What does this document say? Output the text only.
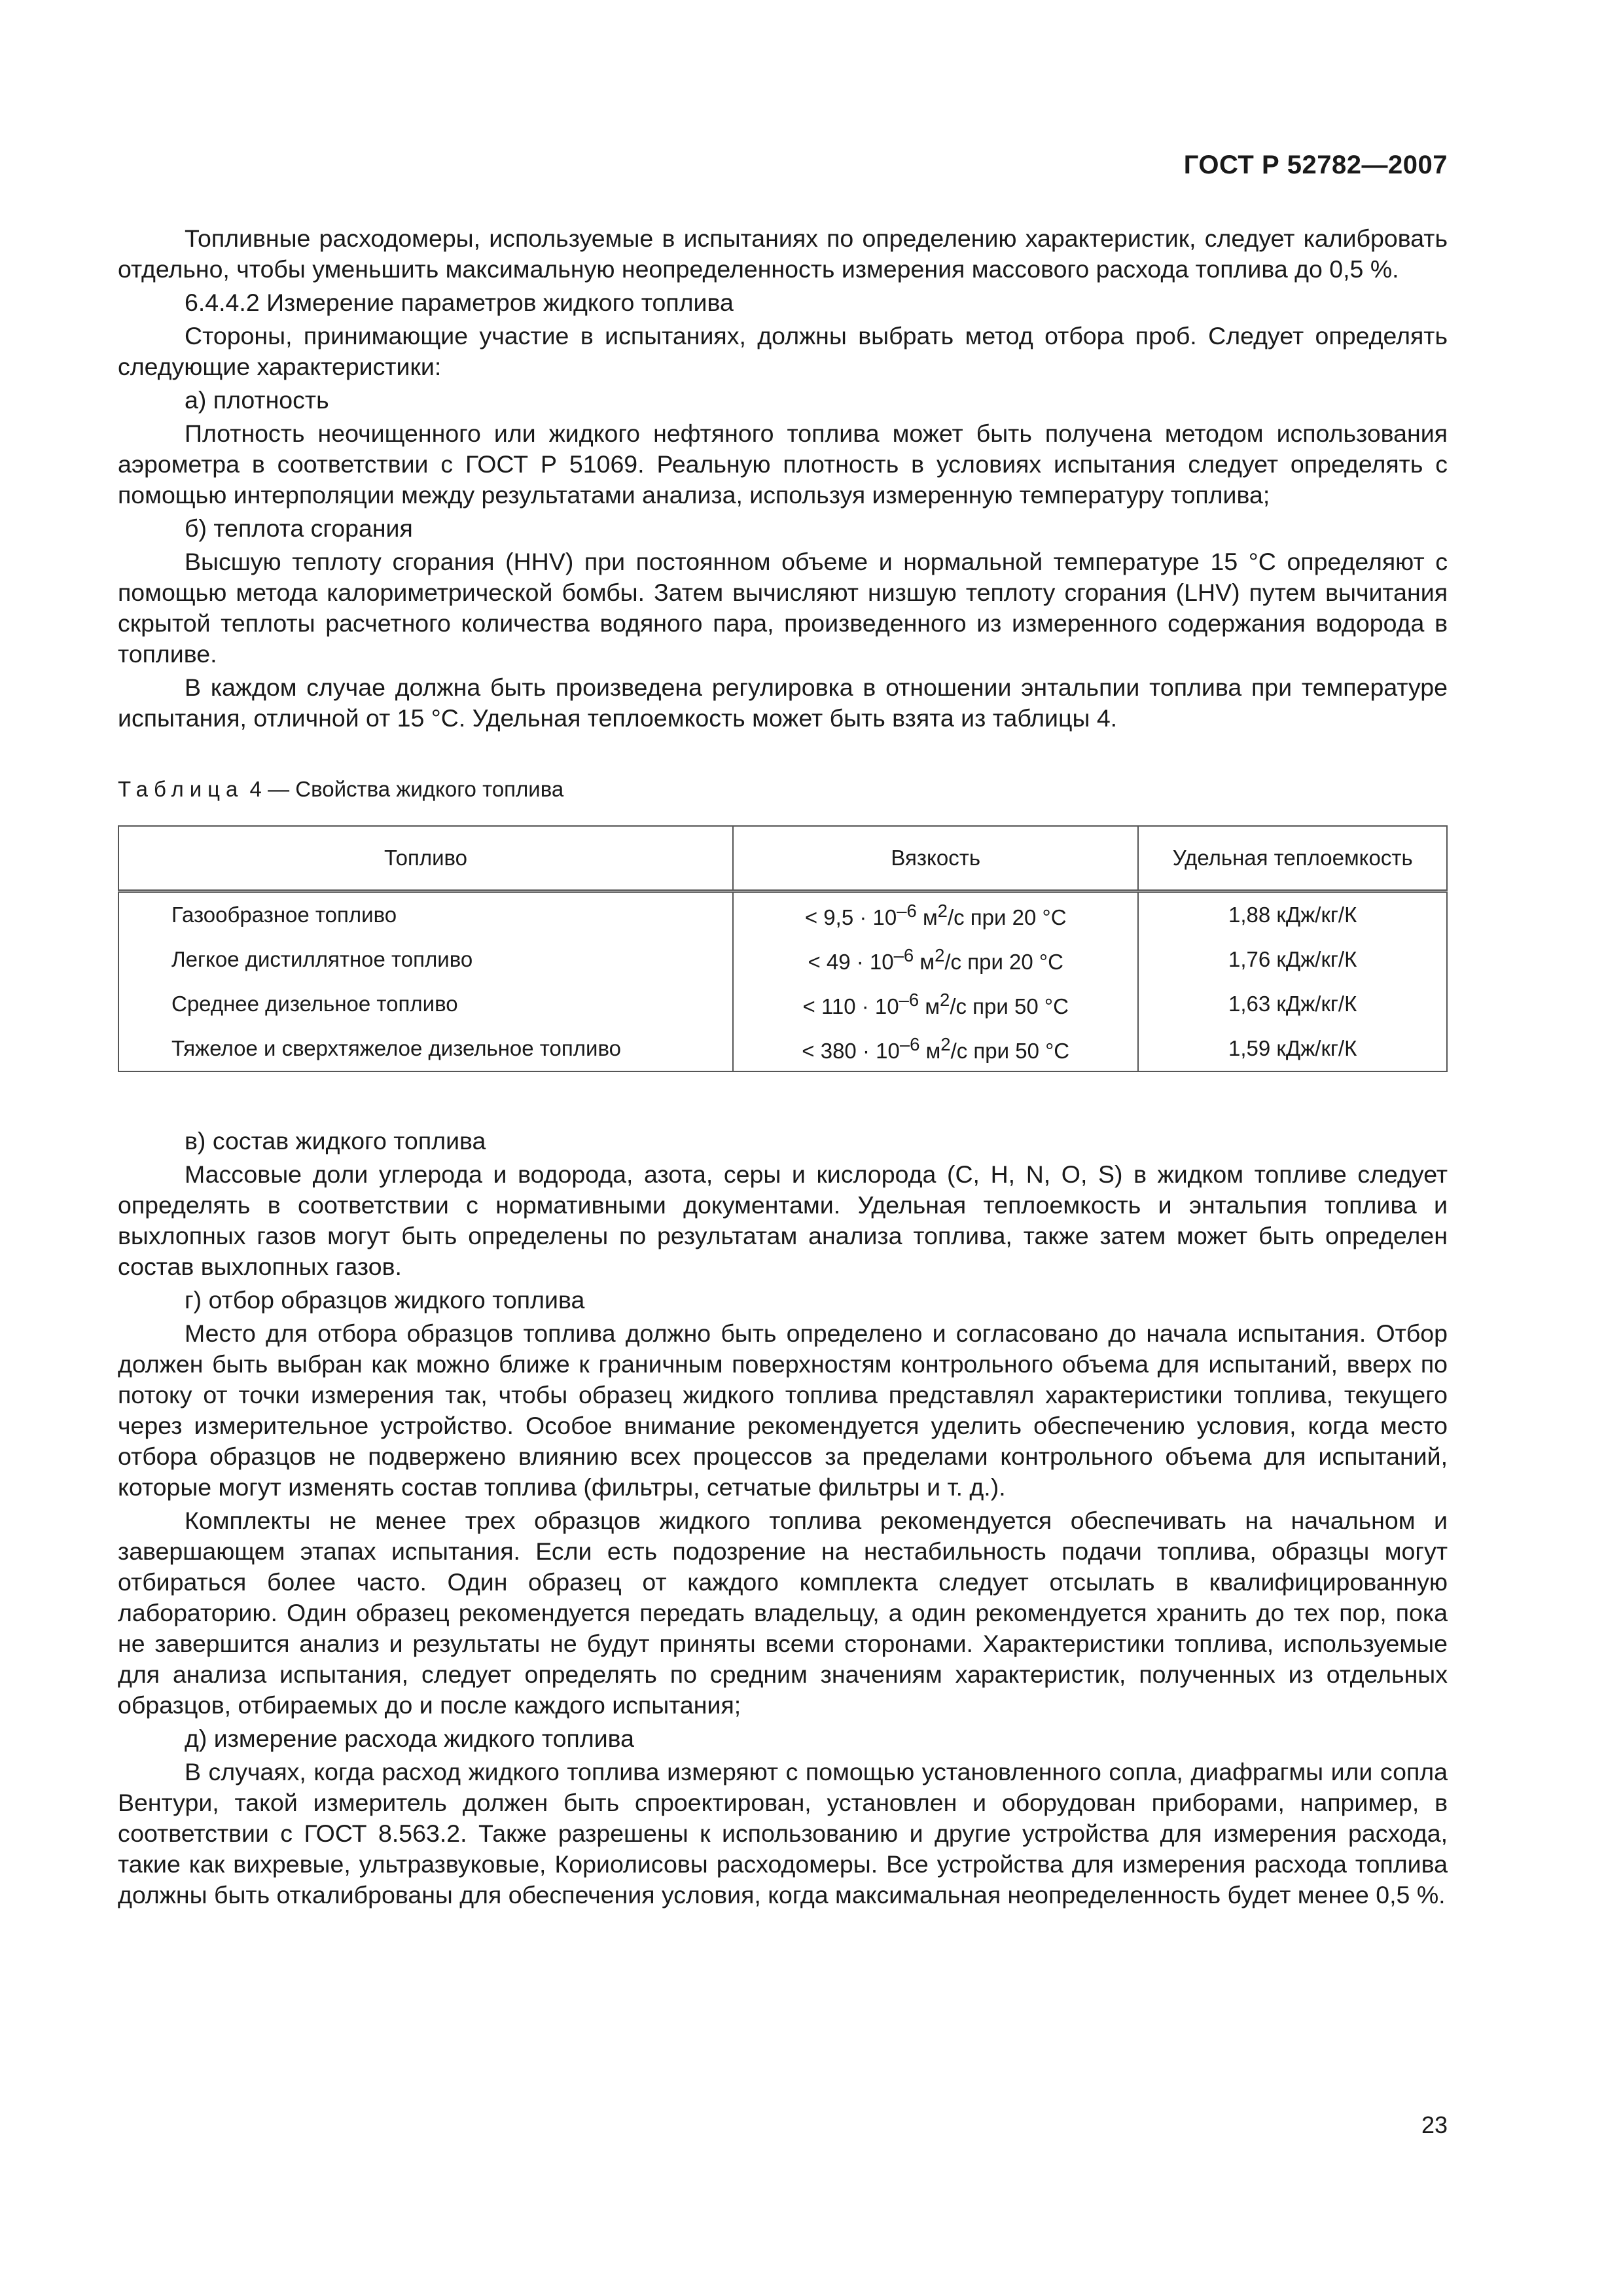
ГОСТ Р 52782—2007

Топливные расходомеры, используемые в испытаниях по определению характеристик, следует калибровать отдельно, чтобы уменьшить максимальную неопределенность измерения массового расхода топлива до 0,5 %.

6.4.4.2 Измерение параметров жидкого топлива

Стороны, принимающие участие в испытаниях, должны выбрать метод отбора проб. Следует определять следующие характеристики:

а) плотность

Плотность неочищенного или жидкого нефтяного топлива может быть получена методом использования аэрометра в соответствии с ГОСТ Р 51069. Реальную плотность в условиях испытания следует определять с помощью интерполяции между результатами анализа, используя измеренную температуру топлива;

б) теплота сгорания

Высшую теплоту сгорания (HHV) при постоянном объеме и нормальной температуре 15 °С определяют с помощью метода калориметрической бомбы. Затем вычисляют низшую теплоту сгорания (LHV) путем вычитания скрытой теплоты расчетного количества водяного пара, произведенного из измеренного содержания водорода в топливе.

В каждом случае должна быть произведена регулировка в отношении энтальпии топлива при температуре испытания, отличной от 15 °С. Удельная теплоемкость может быть взята из таблицы 4.

Таблица 4 — Свойства жидкого топлива
Топливо	Вязкость	Удельная теплоемкость
Газообразное топливо	< $9,5 \cdot 10^{-6}$ $м^2/с$ при 20 °С	1,88 кДж/кг/К
Легкое дистиллятное топливо	< $49 \cdot 10^{-6}$ $м^2/с$ при 20 °С	1,76 кДж/кг/К
Среднее дизельное топливо	< $110 \cdot 10^{-6}$ $м^2/с$ при 50 °С	1,63 кДж/кг/К
Тяжелое и сверхтяжелое дизельное топливо	< $380 \cdot 10^{-6}$ $м^2/с$ при 50 °С	1,59 кДж/кг/К

в) состав жидкого топлива

Массовые доли углерода и водорода, азота, серы и кислорода (С, Н, N, О, S) в жидком топливе следует определять в соответствии с нормативными документами. Удельная теплоемкость и энтальпия топлива и выхлопных газов могут быть определены по результатам анализа топлива, также затем может быть определен состав выхлопных газов.

г) отбор образцов жидкого топлива

Место для отбора образцов топлива должно быть определено и согласовано до начала испытания. Отбор должен быть выбран как можно ближе к граничным поверхностям контрольного объема для испытаний, вверх по потоку от точки измерения так, чтобы образец жидкого топлива представлял характеристики топлива, текущего через измерительное устройство. Особое внимание рекомендуется уделить обеспечению условия, когда место отбора образцов не подвержено влиянию всех процессов за пределами контрольного объема для испытаний, которые могут изменять состав топлива (фильтры, сетчатые фильтры и т. д.).

Комплекты не менее трех образцов жидкого топлива рекомендуется обеспечивать на начальном и завершающем этапах испытания. Если есть подозрение на нестабильность подачи топлива, образцы могут отбираться более часто. Один образец от каждого комплекта следует отсылать в квалифицированную лабораторию. Один образец рекомендуется передать владельцу, а один рекомендуется хранить до тех пор, пока не завершится анализ и результаты не будут приняты всеми сторонами. Характеристики топлива, используемые для анализа испытания, следует определять по средним значениям характеристик, полученных из отдельных образцов, отбираемых до и после каждого испытания;

д) измерение расхода жидкого топлива

В случаях, когда расход жидкого топлива измеряют с помощью установленного сопла, диафрагмы или сопла Вентури, такой измеритель должен быть спроектирован, установлен и оборудован приборами, например, в соответствии с ГОСТ 8.563.2. Также разрешены к использованию и другие устройства для измерения расхода, такие как вихревые, ультразвуковые, Кориолисовы расходомеры. Все устройства для измерения расхода топлива должны быть откалиброваны для обеспечения условия, когда максимальная неопределенность будет менее 0,5 %.

23
